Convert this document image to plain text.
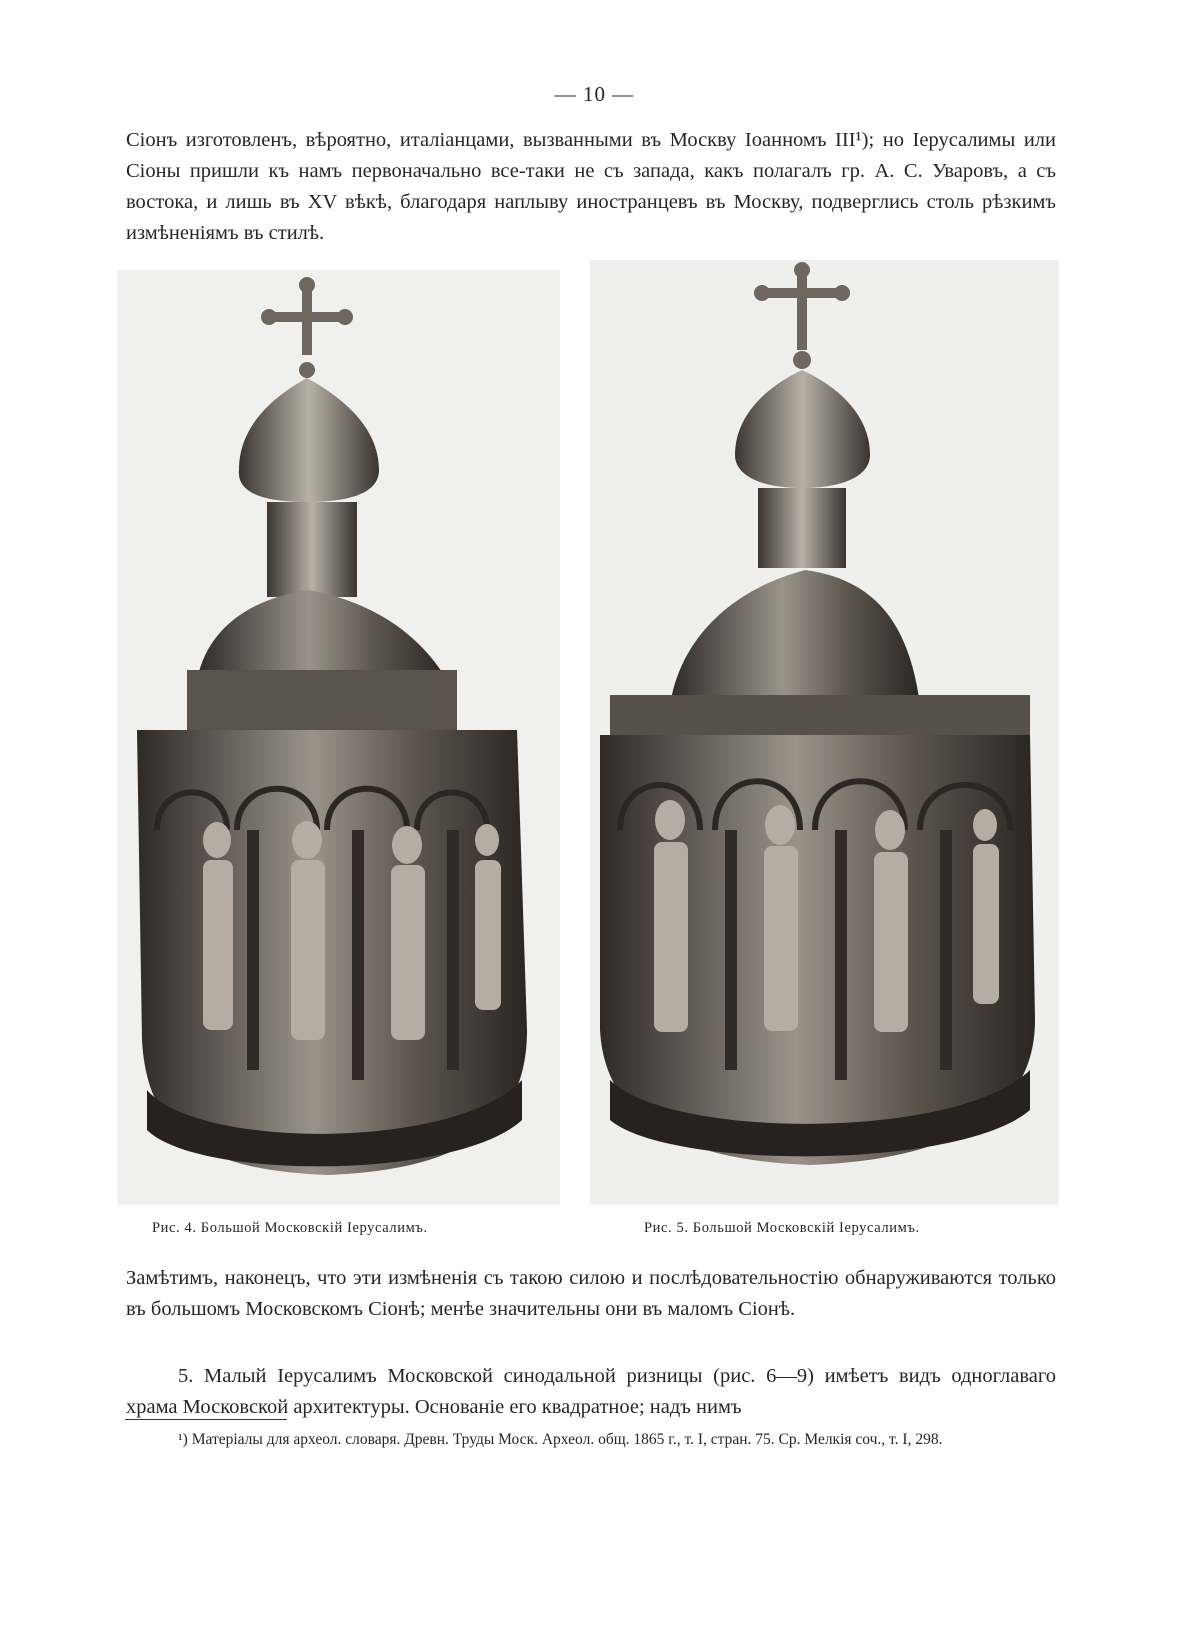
— 10 —

Сіонъ изготовленъ, вѣроятно, италіанцами, вызванными въ Москву Іоанномъ III¹); но Іерусалимы или Сіоны пришли къ намъ первоначально все-таки не съ запада, какъ полагалъ гр. А. С. Уваровъ, а съ востока, и лишь въ XV вѣкѣ, благодаря наплыву иностранцевъ въ Москву, подверглись столь рѣзкимъ измѣненіямъ въ стилѣ.

Рис. 4. Большой Московскій Іерусалимъ.	Рис. 5. Большой Московскій Іерусалимъ.

Замѣтимъ, наконецъ, что эти измѣненія съ такою силою и послѣдовательностію обнаруживаются только въ большомъ Московскомъ Сіонѣ; менѣе значительны они въ маломъ Сіонѣ.

5. Малый Іерусалимъ Московской синодальной ризницы (рис. 6—9) имѣетъ видъ одноглаваго храма Московской архитектуры. Основаніе его квадратное; надъ нимъ

¹) Матеріалы для археол. словаря. Древн. Труды Моск. Археол. общ. 1865 г., т. I, стран. 75. Ср. Мелкія соч., т. I, 298.
